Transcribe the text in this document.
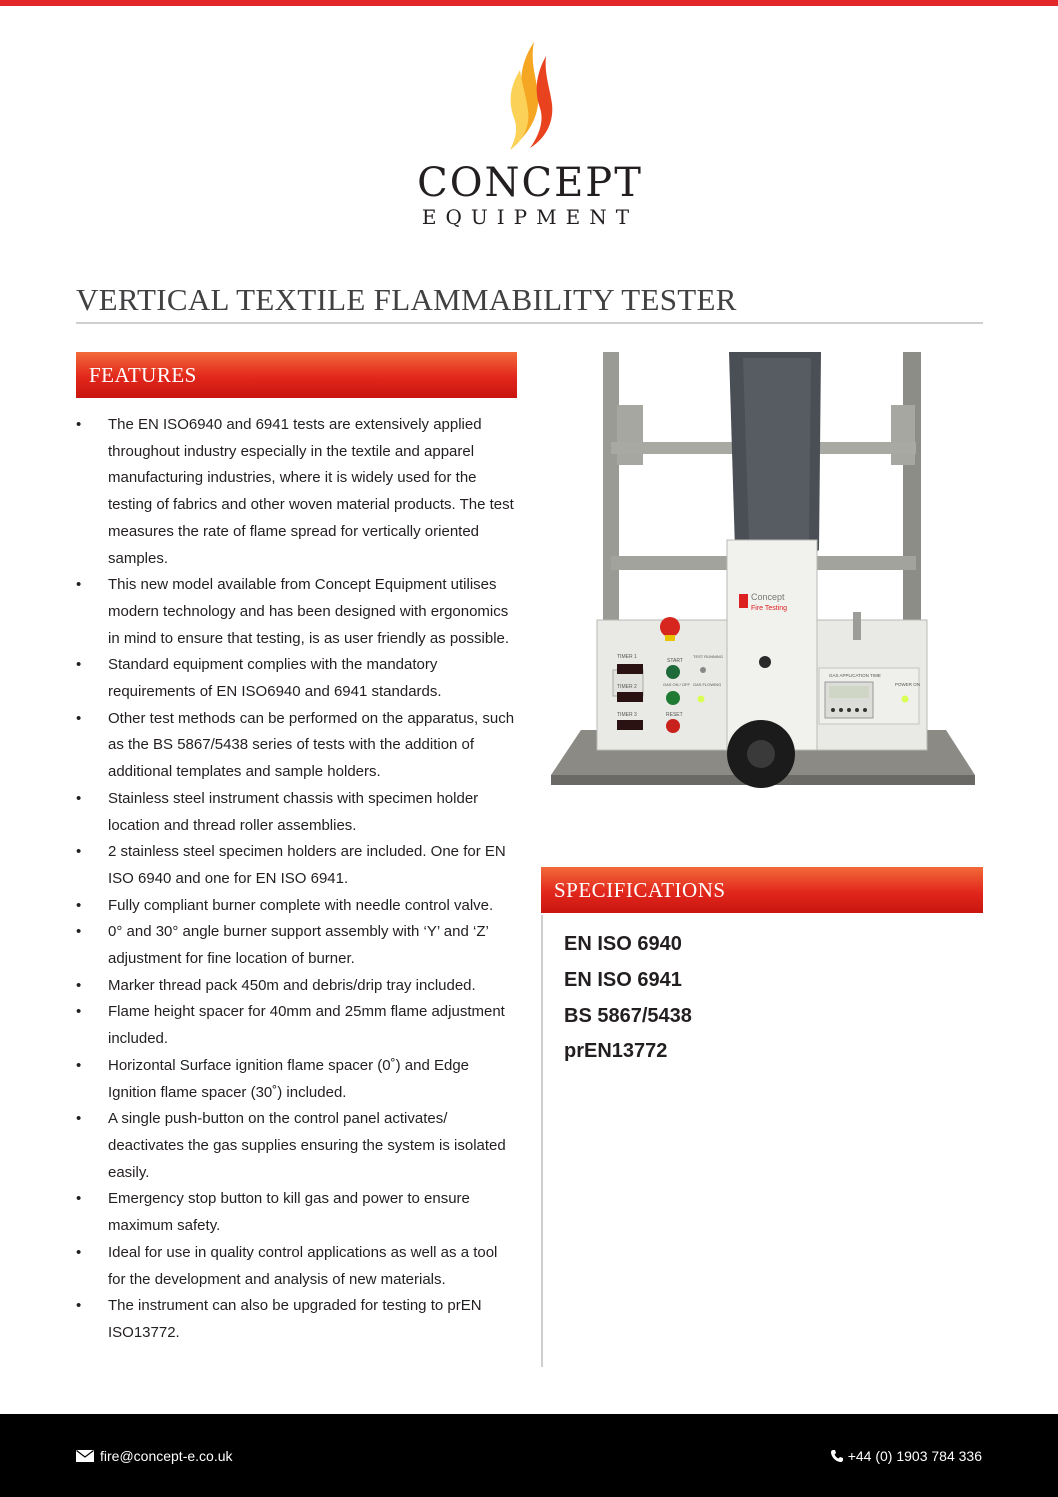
CONCEPT
EQUIPMENT
VERTICAL TEXTILE FLAMMABILITY TESTER
FEATURES
• The EN ISO6940 and 6941 tests are extensively applied throughout industry especially in the textile and apparel manufacturing industries, where it is widely used for the testing of fabrics and other woven material products. The test measures the rate of flame spread for vertically oriented samples.
• This new model available from Concept Equipment utilises modern technology and has been designed with ergonomics in mind to ensure that testing, is as user friendly as possible.
• Standard equipment complies with the mandatory requirements of EN ISO6940 and 6941 standards.
• Other test methods can be performed on the apparatus, such as the BS 5867/5438 series of tests with the addition of additional templates and sample holders.
• Stainless steel instrument chassis with specimen holder location and thread roller assemblies.
• 2 stainless steel specimen holders are included. One for EN ISO 6940 and one for EN ISO 6941.
• Fully compliant burner complete with needle control valve.
• 0° and 30° angle burner support assembly with ‘Y’ and ‘Z’ adjustment for fine location of burner.
• Marker thread pack 450m and debris/drip tray included.
• Flame height spacer for 40mm and 25mm flame adjustment included.
• Horizontal Surface ignition flame spacer (0˚) and Edge Ignition flame spacer (30˚) included.
• A single push-button on the control panel activates/ deactivates the gas supplies ensuring the system is isolated easily.
• Emergency stop button to kill gas and power to ensure maximum safety.
• Ideal for use in quality control applications as well as a tool for the development and analysis of new materials.
• The instrument can also be upgraded for testing to prEN ISO13772.
Concept
Fire Testing
TIMER 1
TIMER 2
TIMER 3
START
TEST RUNNING
GAS ON / OFF GAS FLOWING
RESET
GAS APPLICATION TIME
POWER ON
SPECIFICATIONS
EN ISO 6940
EN ISO 6941
BS 5867/5438
prEN13772
fire@concept-e.co.uk	+44 (0) 1903 784 336
